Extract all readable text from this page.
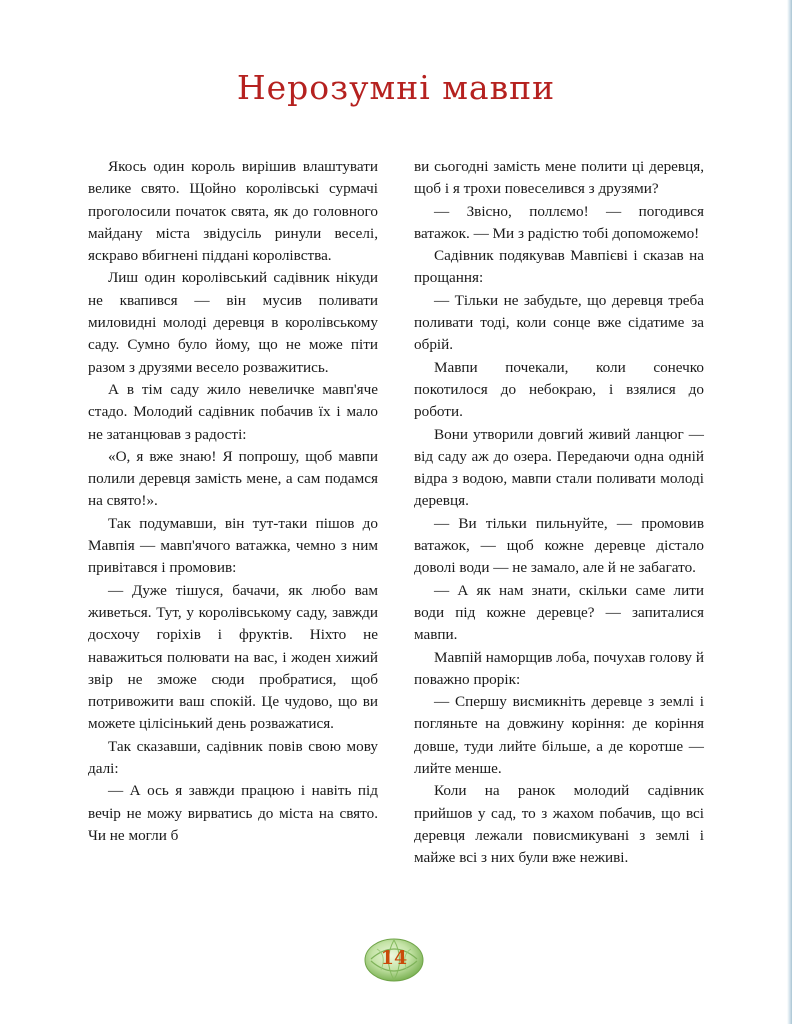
Нерозумні мавпи

Якось один король вирішив влаштувати велике свято. Щойно королівські сурмачі проголосили початок свята, як до головного майдану міста звідусіль ринули веселі, яскраво вбигнені піддані королівства.

Лиш один королівський садівник нікуди не квапився — він мусив поливати миловидні молоді деревця в королівському саду. Сумно було йому, що не може піти разом з друзями весело розважитись.

А в тім саду жило невеличке мавп'яче стадо. Молодий садівник побачив їх і мало не затанцював з радості:

«О, я вже знаю! Я попрошу, щоб мавпи полили деревця замість мене, а сам подамся на свято!».

Так подумавши, він тут-таки пішов до Мавпія — мавп'ячого ватажка, чемно з ним привітався і промовив:

— Дуже тішуся, бачачи, як любо вам живеться. Тут, у королівському саду, завжди досхочу горіхів і фруктів. Ніхто не наважиться полювати на вас, і жоден хижий звір не зможе сюди пробратися, щоб потривожити ваш спокій. Це чудово, що ви можете цілісінький день розважатися.

Так сказавши, садівник повів свою мову далі:

— А ось я завжди працюю і навіть під вечір не можу вирватись до міста на свято. Чи не могли б

ви сьогодні замість мене полити ці деревця, щоб і я трохи повеселився з друзями?

— Звісно, поллємо! — погодився ватажок. — Ми з радістю тобі допоможемо!

Садівник подякував Мавпієві і сказав на прощання:

— Тільки не забудьте, що деревця треба поливати тоді, коли сонце вже сідатиме за обрій.

Мавпи почекали, коли сонечко покотилося до небокраю, і взялися до роботи.

Вони утворили довгий живий ланцюг — від саду аж до озера. Передаючи одна одній відра з водою, мавпи стали поливати молоді деревця.

— Ви тільки пильнуйте, — промовив ватажок, — щоб кожне деревце дістало доволі води — не замало, але й не забагато.

— А як нам знати, скільки саме лити води під кожне деревце? — запиталися мавпи.

Мавпій наморщив лоба, почухав голову й поважно прорік:

— Спершу висмикніть деревце з землі і погляньте на довжину коріння: де коріння довше, туди лийте більше, а де коротше — лийте менше.

Коли на ранок молодий садівник прийшов у сад, то з жахом побачив, що всі деревця лежали повисмикувані з землі і майже всі з них були вже неживі.

14
